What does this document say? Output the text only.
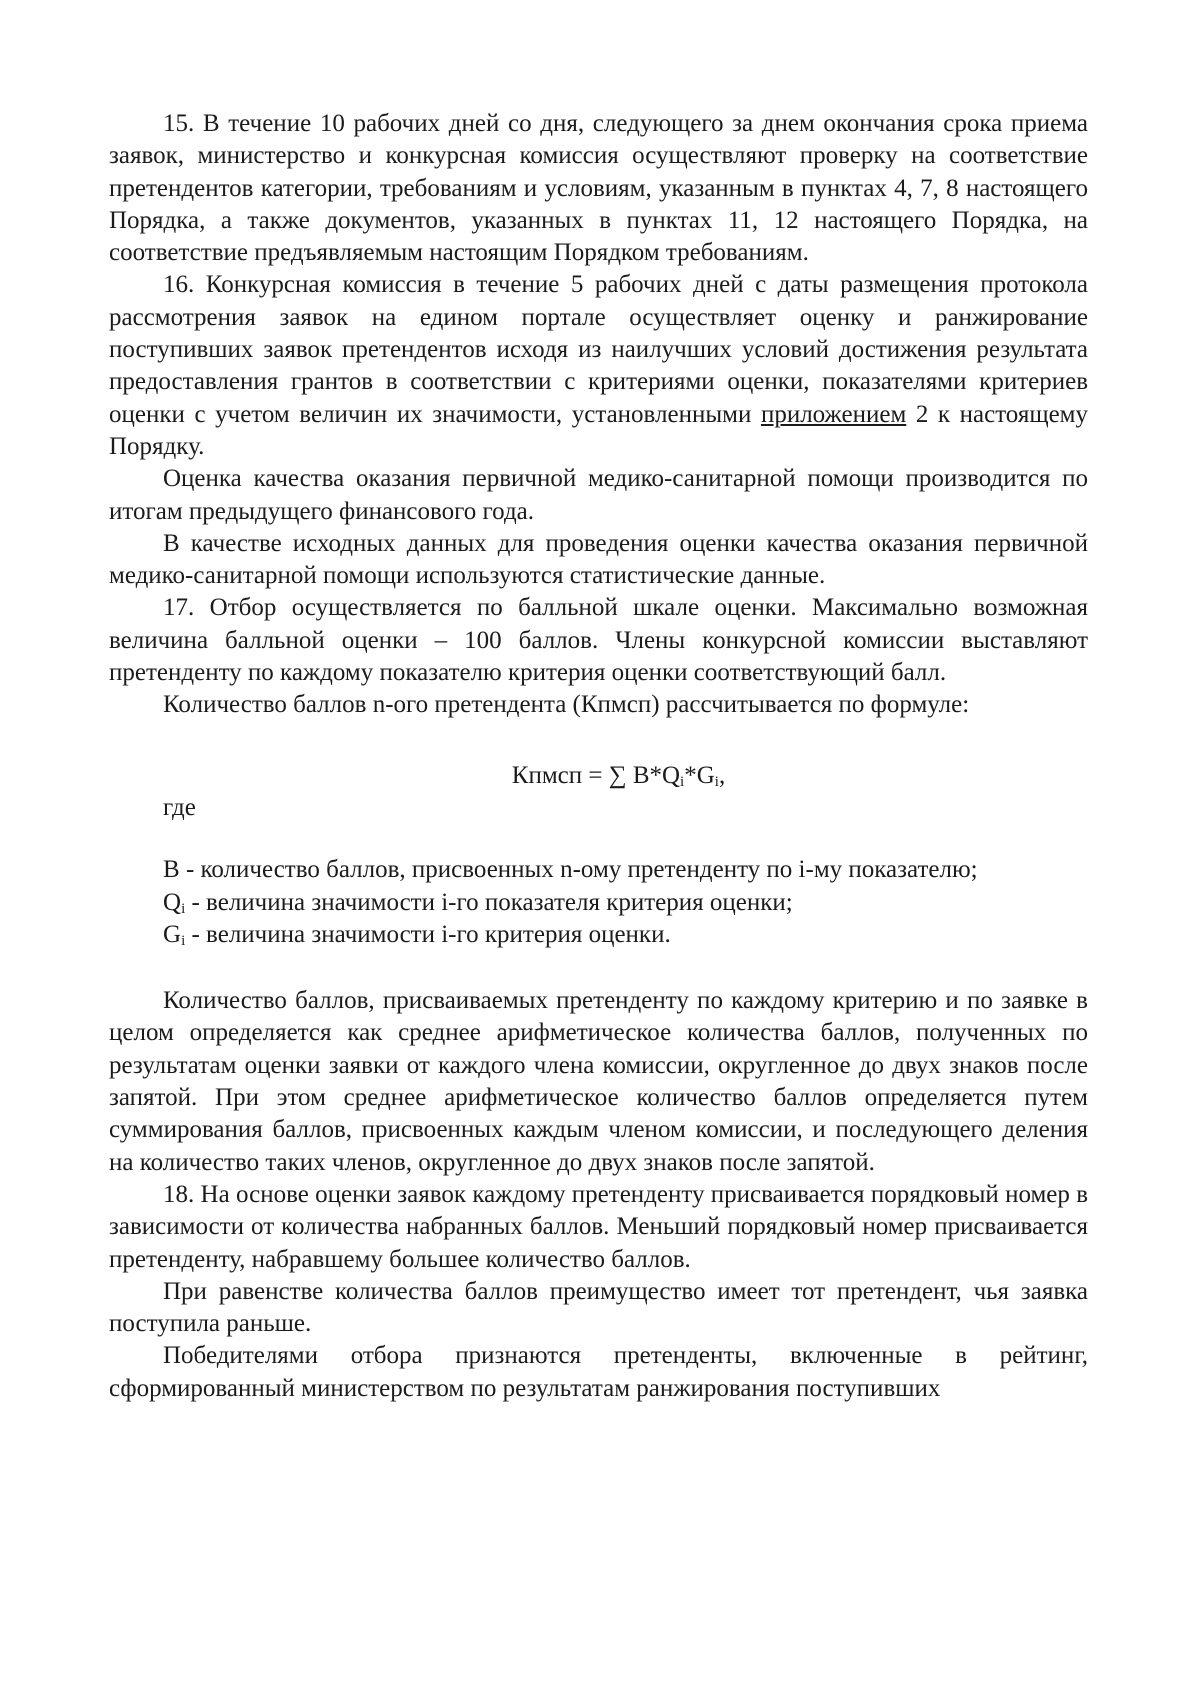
15. В течение 10 рабочих дней со дня, следующего за днем окончания срока приема заявок, министерство и конкурсная комиссия осуществляют проверку на соответствие претендентов категории, требованиям и условиям, указанным в пунктах 4, 7, 8 настоящего Порядка, а также документов, указанных в пунктах 11, 12 настоящего Порядка, на соответствие предъявляемым настоящим Порядком требованиям.

16. Конкурсная комиссия в течение 5 рабочих дней с даты размещения протокола рассмотрения заявок на едином портале осуществляет оценку и ранжирование поступивших заявок претендентов исходя из наилучших условий достижения результата предоставления грантов в соответствии с критериями оценки, показателями критериев оценки с учетом величин их значимости, установленными приложением 2 к настоящему Порядку.

Оценка качества оказания первичной медико-санитарной помощи производится по итогам предыдущего финансового года.

В качестве исходных данных для проведения оценки качества оказания первичной медико-санитарной помощи используются статистические данные.

17. Отбор осуществляется по балльной шкале оценки. Максимально возможная величина балльной оценки – 100 баллов. Члены конкурсной комиссии выставляют претенденту по каждому показателю критерия оценки соответствующий балл.

Количество баллов n-ого претендента (Кпмсп) рассчитывается по формуле:

Кпмсп = ∑ $B*Q_i*G_i$,

где

В - количество баллов, присвоенных n-ому претенденту по i-му показателю;

$Q_i$ - величина значимости i-го показателя критерия оценки;

$G_i$ - величина значимости i-го критерия оценки.

Количество баллов, присваиваемых претенденту по каждому критерию и по заявке в целом определяется как среднее арифметическое количества баллов, полученных по результатам оценки заявки от каждого члена комиссии, округленное до двух знаков после запятой. При этом среднее арифметическое количество баллов определяется путем суммирования баллов, присвоенных каждым членом комиссии, и последующего деления на количество таких членов, округленное до двух знаков после запятой.

18. На основе оценки заявок каждому претенденту присваивается порядковый номер в зависимости от количества набранных баллов. Меньший порядковый номер присваивается претенденту, набравшему большее количество баллов.

При равенстве количества баллов преимущество имеет тот претендент, чья заявка поступила раньше.

Победителями отбора признаются претенденты, включенные в рейтинг, сформированный министерством по результатам ранжирования поступивших
